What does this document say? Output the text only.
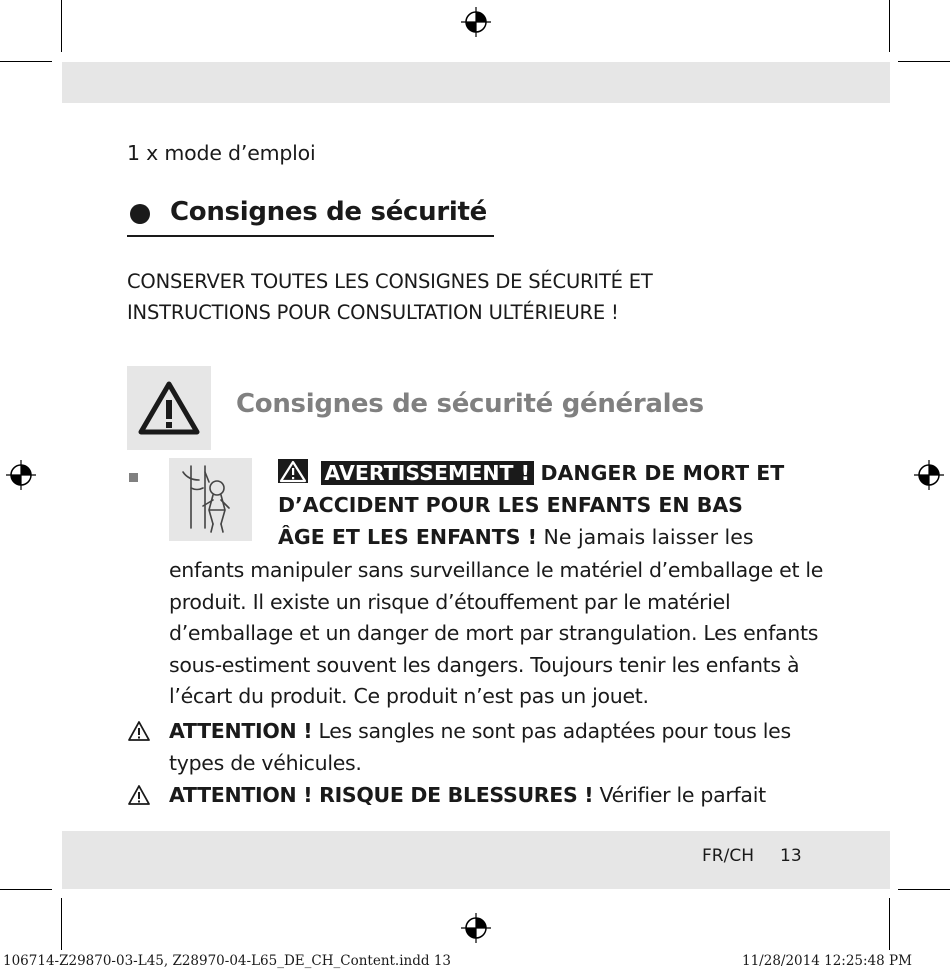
1 x mode d’emploi
Consignes de sécurité
CONSERVER TOUTES LES CONSIGNES DE SÉCURITÉ ET
INSTRUCTIONS POUR CONSULTATION ULTÉRIEURE !
Consignes de sécurité générales
AVERTISSEMENT ! DANGER DE MORT ET
D’ACCIDENT POUR LES ENFANTS EN BAS
ÂGE ET LES ENFANTS ! Ne jamais laisser les
enfants manipuler sans surveillance le matériel d’emballage et le produit. Il existe un risque d’étouffement par le matériel d’emballage et un danger de mort par strangulation. Les enfants sous-estiment souvent les dangers. Toujours tenir les enfants à l’écart du produit. Ce produit n’est pas un jouet.
ATTENTION ! Les sangles ne sont pas adaptées pour tous les types de véhicules.
ATTENTION ! RISQUE DE BLESSURES ! Vérifier le parfait
FR/CH 13
106714-Z29870-03-L45, Z28970-04-L65_DE_CH_Content.indd 13	11/28/2014 12:25:48 PM
